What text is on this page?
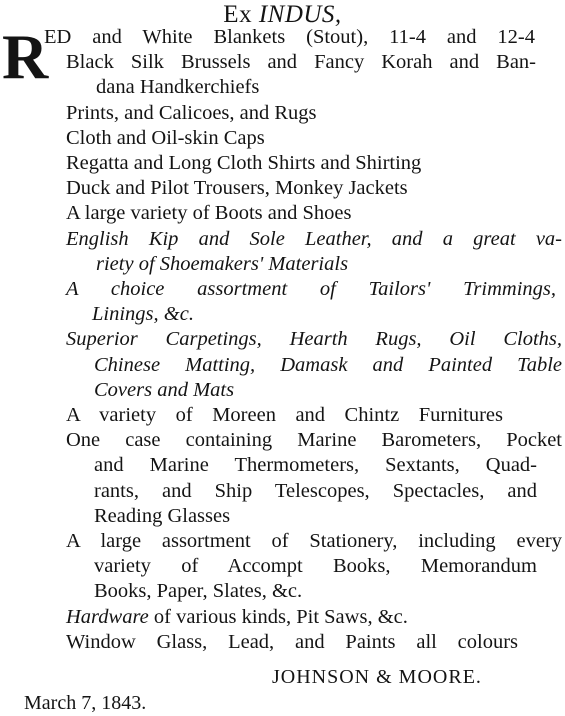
Ex INDUS,
R
ED and White Blankets (Stout), 11-4 and 12-4
Black Silk Brussels and Fancy Korah and Ban-
dana Handkerchiefs
Prints, and Calicoes, and Rugs
Cloth and Oil-skin Caps
Regatta and Long Cloth Shirts and Shirting
Duck and Pilot Trousers, Monkey Jackets
A large variety of Boots and Shoes
English Kip and Sole Leather, and a great va-
riety of Shoemakers' Materials
A choice assortment of Tailors' Trimmings,
Linings, &c.
Superior Carpetings, Hearth Rugs, Oil Cloths,
Chinese Matting, Damask and Painted Table
Covers and Mats
A variety of Moreen and Chintz Furnitures
One case containing Marine Barometers, Pocket
and Marine Thermometers, Sextants, Quad-
rants, and Ship Telescopes, Spectacles, and
Reading Glasses
A large assortment of Stationery, including every
variety of Accompt Books, Memorandum
Books, Paper, Slates, &c.
Hardware of various kinds, Pit Saws, &c.
Window Glass, Lead, and Paints all colours
JOHNSON & MOORE.
March 7, 1843.
